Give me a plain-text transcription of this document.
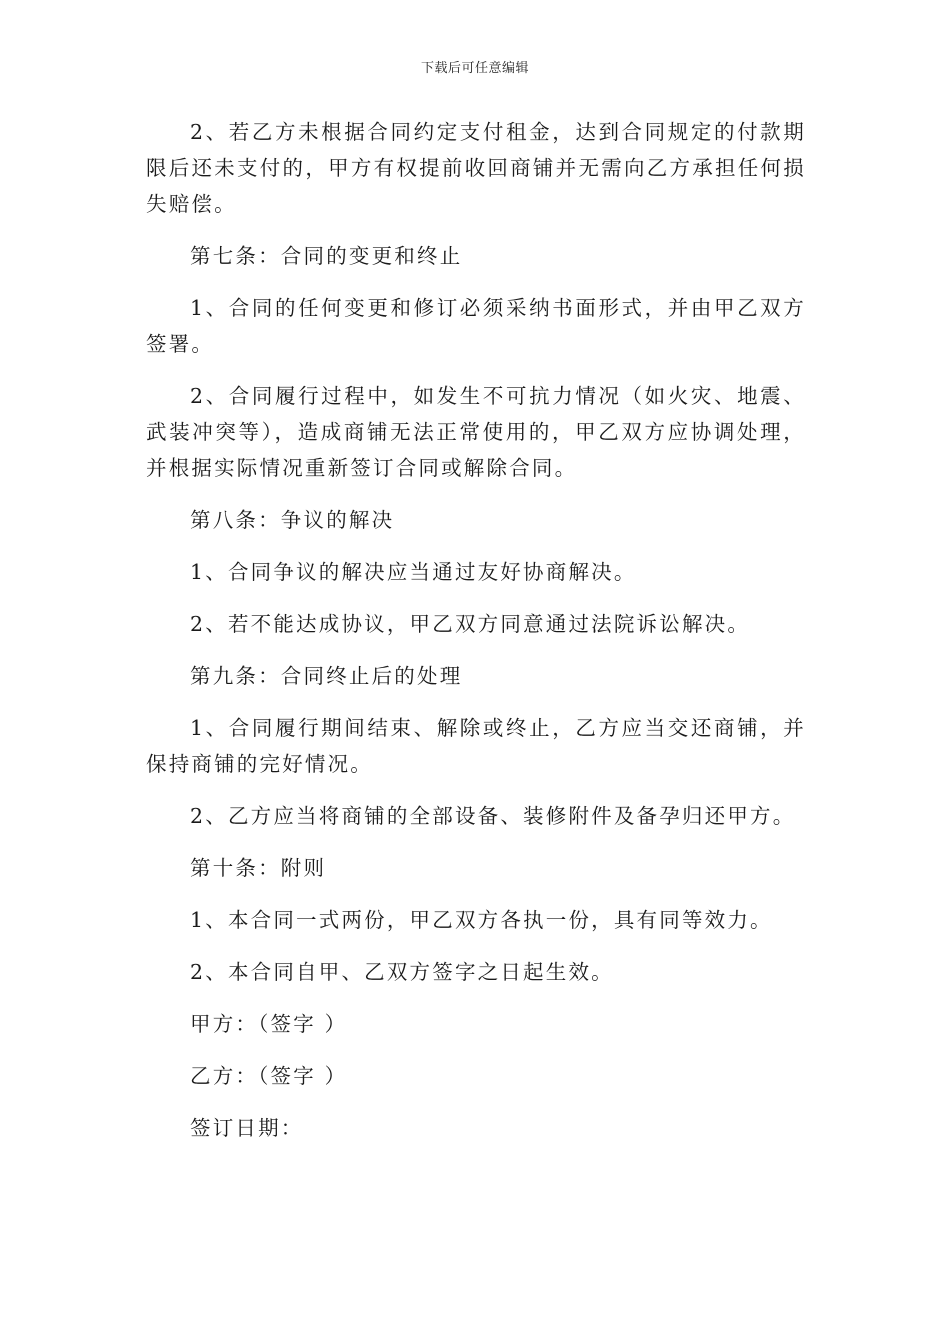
下载后可任意编辑

2、若乙方未根据合同约定支付租金，达到合同规定的付款期限后还未支付的，甲方有权提前收回商铺并无需向乙方承担任何损失赔偿。

第七条：合同的变更和终止

1、合同的任何变更和修订必须采纳书面形式，并由甲乙双方签署。

2、合同履行过程中，如发生不可抗力情况（如火灾、地震、武装冲突等），造成商铺无法正常使用的，甲乙双方应协调处理，并根据实际情况重新签订合同或解除合同。

第八条：争议的解决

1、合同争议的解决应当通过友好协商解决。

2、若不能达成协议，甲乙双方同意通过法院诉讼解决。

第九条：合同终止后的处理

1、合同履行期间结束、解除或终止，乙方应当交还商铺，并保持商铺的完好情况。

2、乙方应当将商铺的全部设备、装修附件及备孕归还甲方。

第十条：附则

1、本合同一式两份，甲乙双方各执一份，具有同等效力。

2、本合同自甲、乙双方签字之日起生效。

甲方：（签字 ）

乙方：（签字 ）

签订日期：
